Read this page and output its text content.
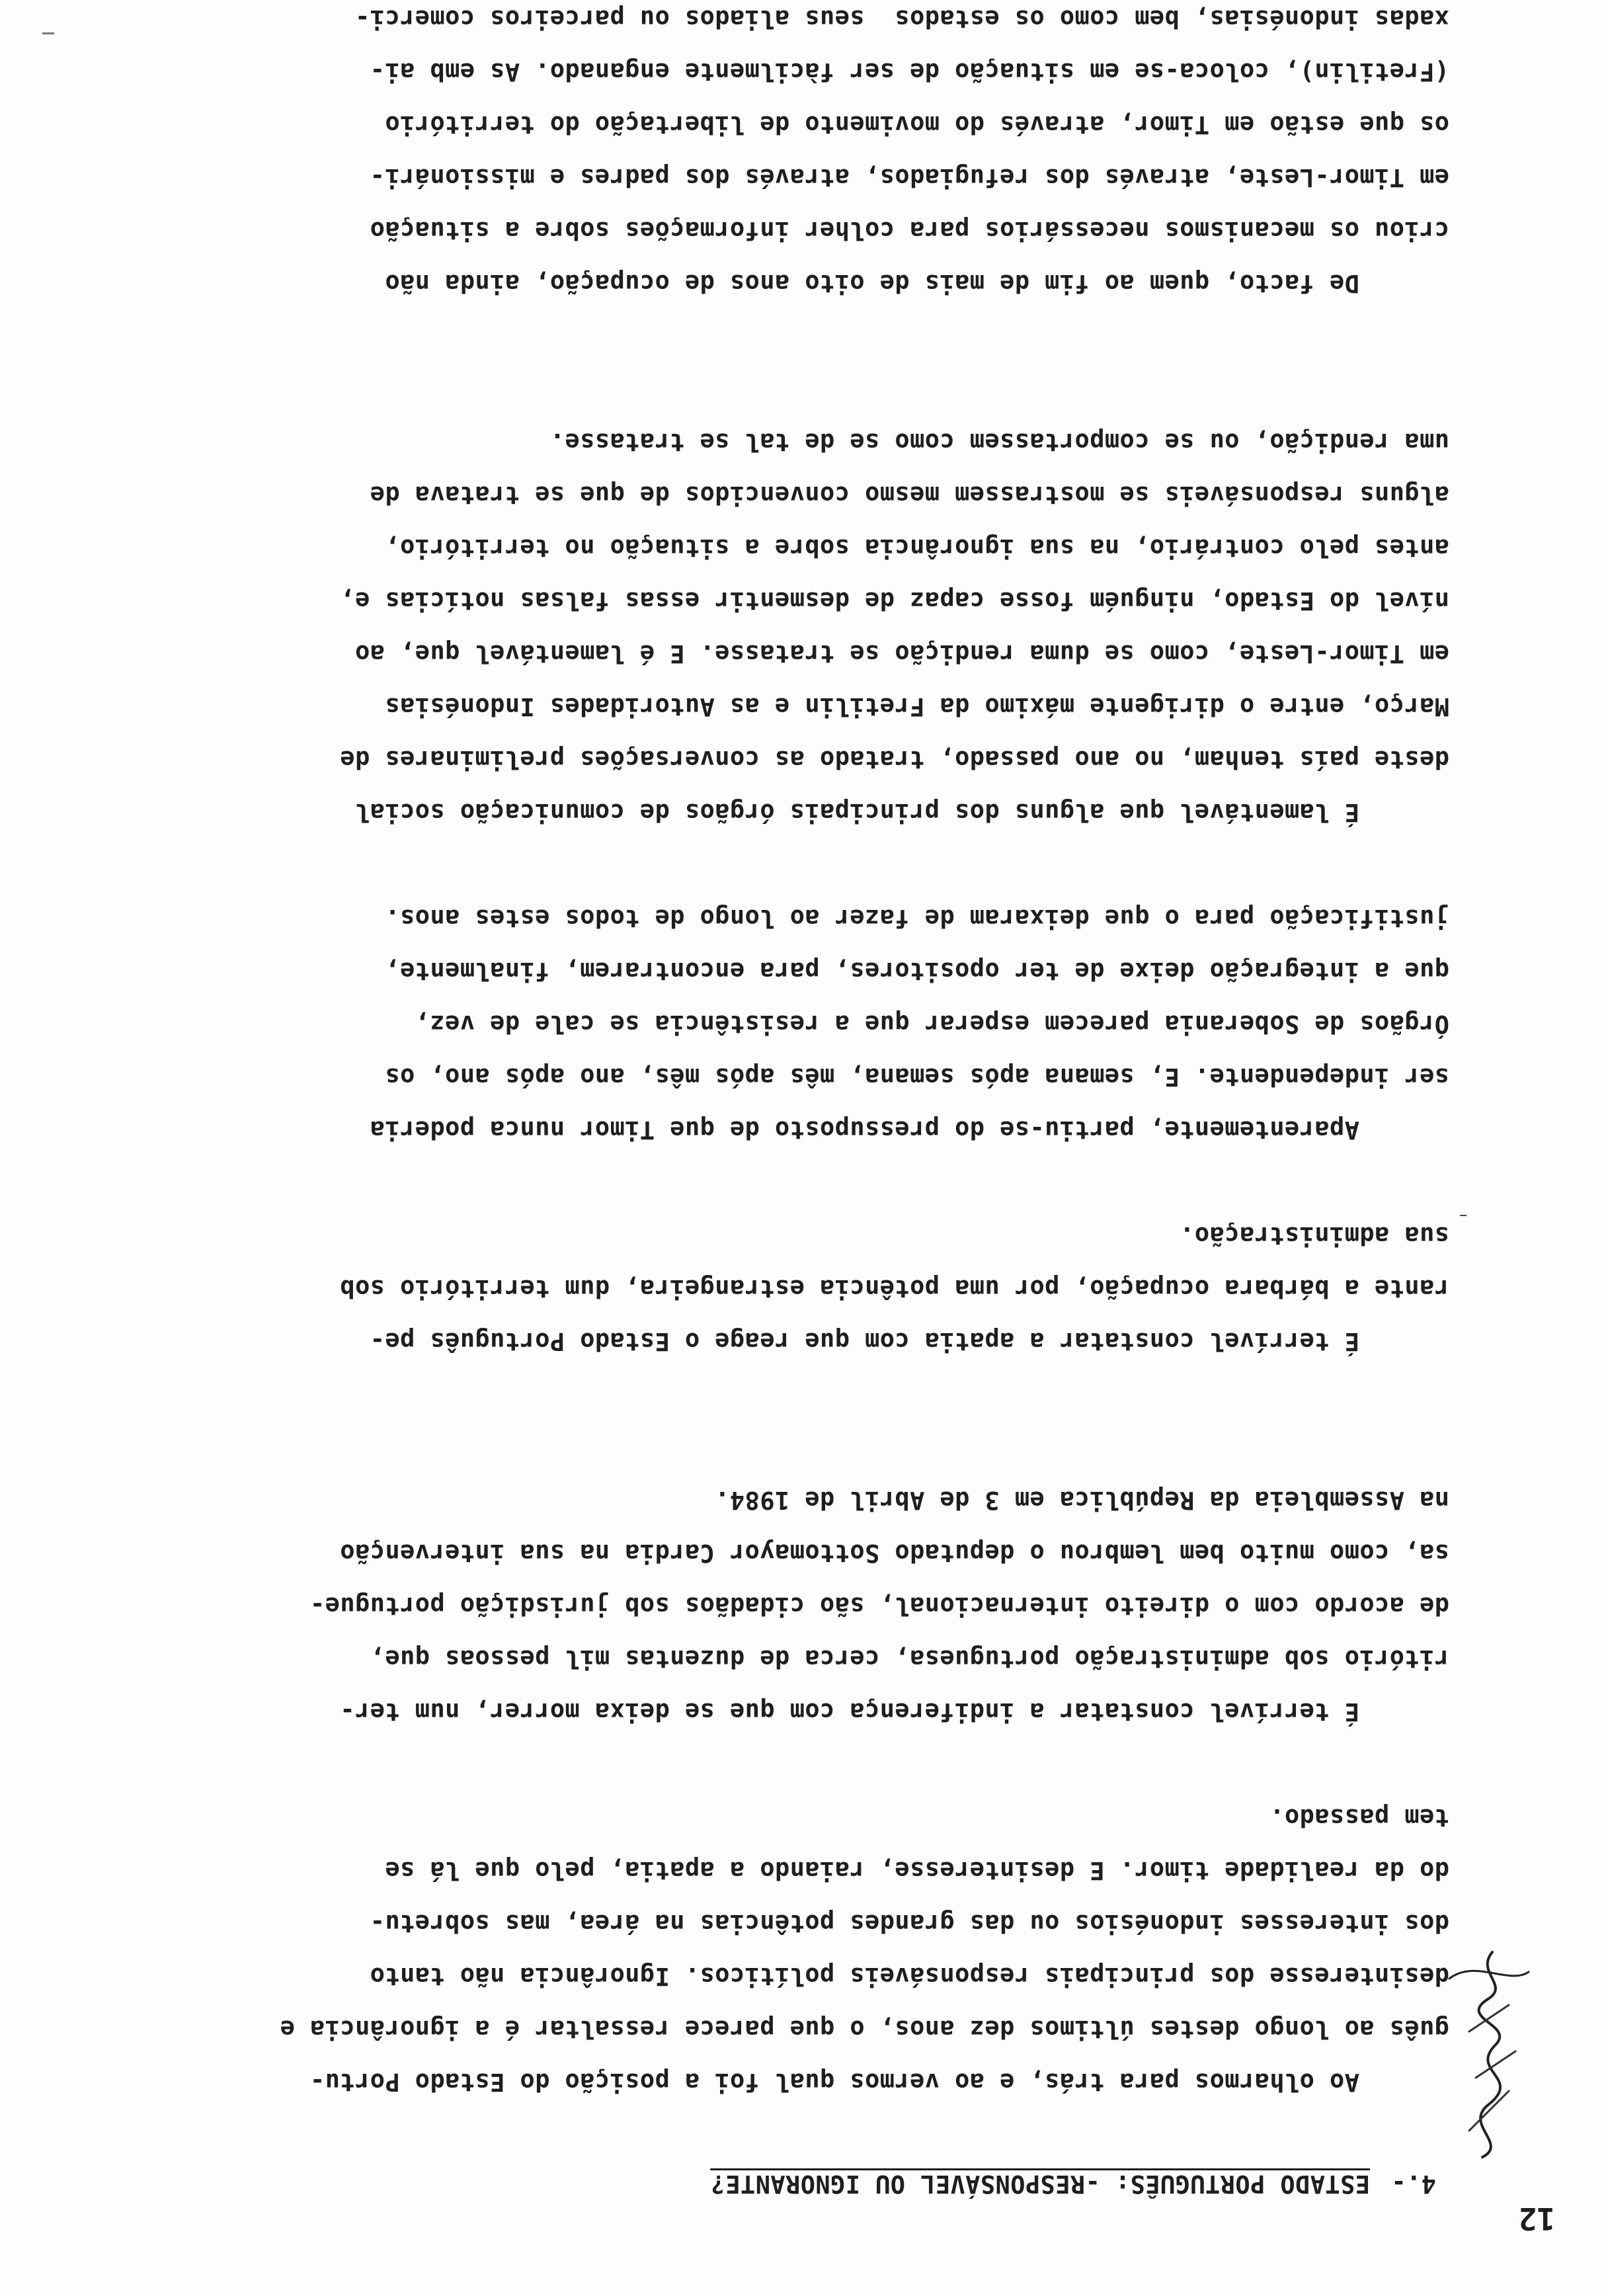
12
4.-
ESTADO PORTUGUÊS: -RESPONSÁVEL OU IGNORANTE?
Ao olharmos para trás, e ao vermos qual foi a posição do Estado Portu-
guês ao longo destes últimos dez anos, o que parece ressaltar é a ignorância e
desinteresse dos principais responsáveis políticos. Ignorância não tanto
dos interesses indonésios ou das grandes potências na área, mas sobretu-
do da realidade timor. E desinteresse, raiando a apatia, pelo que lá se
tem passado.
É terrível constatar a indiferença com que se deixa morrer, num ter-
ritório sob administração portuguesa, cerca de duzentas mil pessoas que,
de acordo com o direito internacional, são cidadãos sob jurisdição portugue-
sa, como muito bem lembrou o deputado Sottomayor Cardia na sua intervenção
na Assembleia da República em 3 de Abril de 1984.
É terrível constatar a apatia com que reage o Estado Português pe-
rante a bárbara ocupação, por uma potência estrangeira, dum território sob
sua administração.
Aparentemente, partiu-se do pressuposto de que Timor nunca poderia
ser independente. E, semana após semana, mês após mês, ano após ano, os
Órgãos de Soberania parecem esperar que a resistência se cale de vez,
que a integração deixe de ter opositores, para encontrarem, finalmente,
justificação para o que deixaram de fazer ao longo de todos estes anos.
É lamentável que alguns dos principais órgãos de comunicação social
deste país tenham, no ano passado, tratado as conversações preliminares de
Março, entre o dirigente máximo da Fretilin e as Autoridades Indonésias
em Timor-Leste, como se duma rendição se tratasse. E é lamentável que, ao
nível do Estado, ninguém fosse capaz de desmentir essas falsas notícias e,
antes pelo contrário, na sua ignorância sobre a situação no território,
alguns responsáveis se mostrassem mesmo convencidos de que se tratava de
uma rendição, ou se comportassem como se de tal se tratasse.
De facto, quem ao fim de mais de oito anos de ocupação, ainda não
criou os mecanismos necessários para colher informações sobre a situação
em Timor-Leste, através dos refugiados, através dos padres e missionári-
os que estão em Timor, através do movimento de libertação do território
(Fretilin), coloca-se em situação de ser fàcilmente enganado. As emb ai-
xadas indonésias, bem como os estados  seus aliados ou parceiros comerci-
